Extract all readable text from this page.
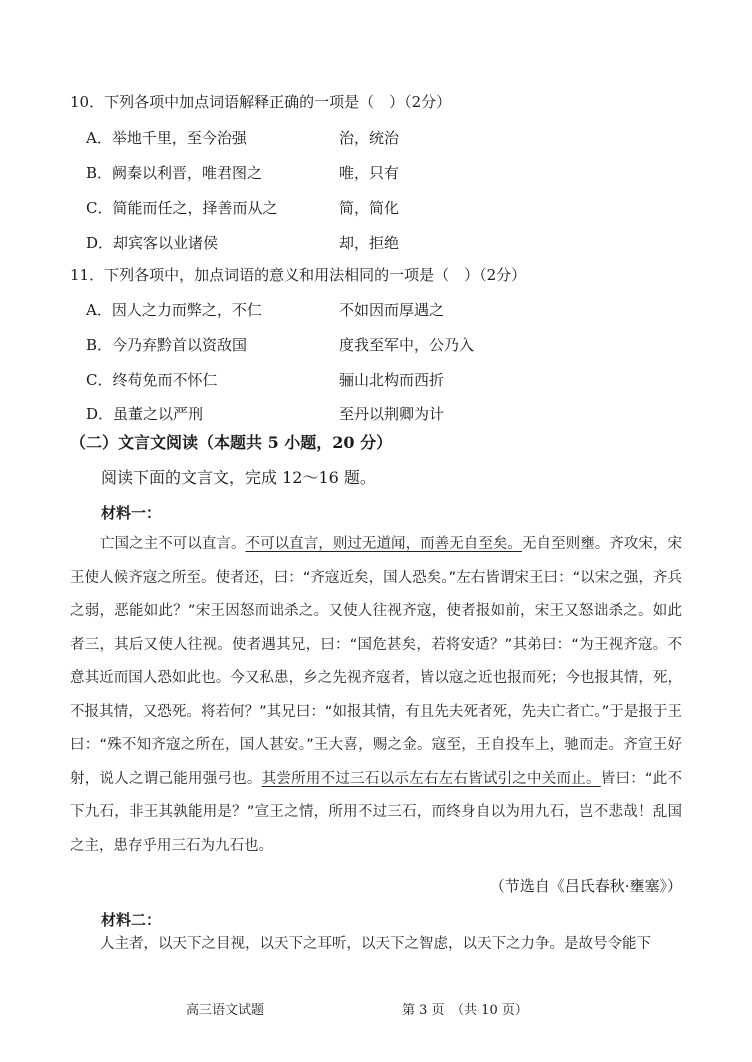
10．下列各项中加点词语解释正确的一项是（　）（2分）
A．举地千里，至今治强	治，统治
B．阙秦以利晋，唯君图之	唯，只有
C．简能而任之，择善而从之	简，简化
D．却宾客以业诸侯	却，拒绝
11．下列各项中，加点词语的意义和用法相同的一项是（　）（2分）
A．因人之力而弊之，不仁	不如因而厚遇之
B．今乃弃黔首以资敌国	度我至军中，公乃入
C．终苟免而不怀仁	骊山北构而西折
D．虽董之以严刑	至丹以荆卿为计
（二）文言文阅读（本题共 5 小题，20 分）
阅读下面的文言文，完成 12～16 题。
材料一：
亡国之主不可以直言。不可以直言，则过无道闻，而善无自至矣。无自至则壅。齐攻宋，宋王使人候齐寇之所至。使者还，曰：“齐寇近矣，国人恐矣。”左右皆谓宋王曰：“以宋之强，齐兵之弱，恶能如此？”宋王因怒而诎杀之。又使人往视齐寇，使者报如前，宋王又怒诎杀之。如此者三，其后又使人往视。使者遇其兄，曰：“国危甚矣，若将安适？”其弟曰：“为王视齐寇。不意其近而国人恐如此也。今又私患，乡之先视齐寇者，皆以寇之近也报而死；今也报其情，死，不报其情，又恐死。将若何？”其兄曰：“如报其情，有且先夫死者死，先夫亡者亡。”于是报于王曰：“殊不知齐寇之所在，国人甚安。”王大喜，赐之金。寇至，王自投车上，驰而走。齐宣王好射，说人之谓己能用强弓也。其尝所用不过三石以示左右左右皆试引之中关而止。皆曰：“此不下九石，非王其孰能用是？”宣王之情，所用不过三石，而终身自以为用九石，岂不悲哉！乱国之主，患存乎用三石为九石也。
（节选自《吕氏春秋·壅塞》）
材料二：
人主者，以天下之目视，以天下之耳听，以天下之智虑，以天下之力争。是故号令能下
高三语文试题	第 3 页　（共 10 页）
